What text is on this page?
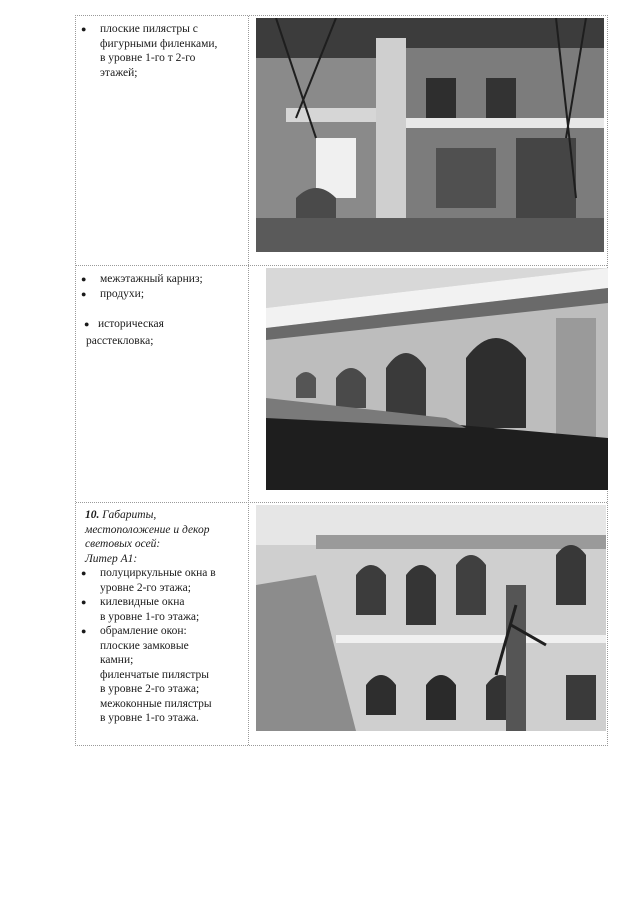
● плоские пилястры с
фигурными филенками,
в уровне 1-го т 2-го
этажей;
● межэтажный карниз;
● продухи;
● историческая
расстекловка;
10. Габариты,
местоположение и декор
световых осей:
Литер А1:
● полуциркульные окна в
уровне 2-го этажа;
● килевидные окна
в уровне 1-го этажа;
● обрамление окон:
плоские замковые
камни;
филенчатые пилястры
в уровне 2-го этажа;
межоконные пилястры
в уровне 1-го этажа.
